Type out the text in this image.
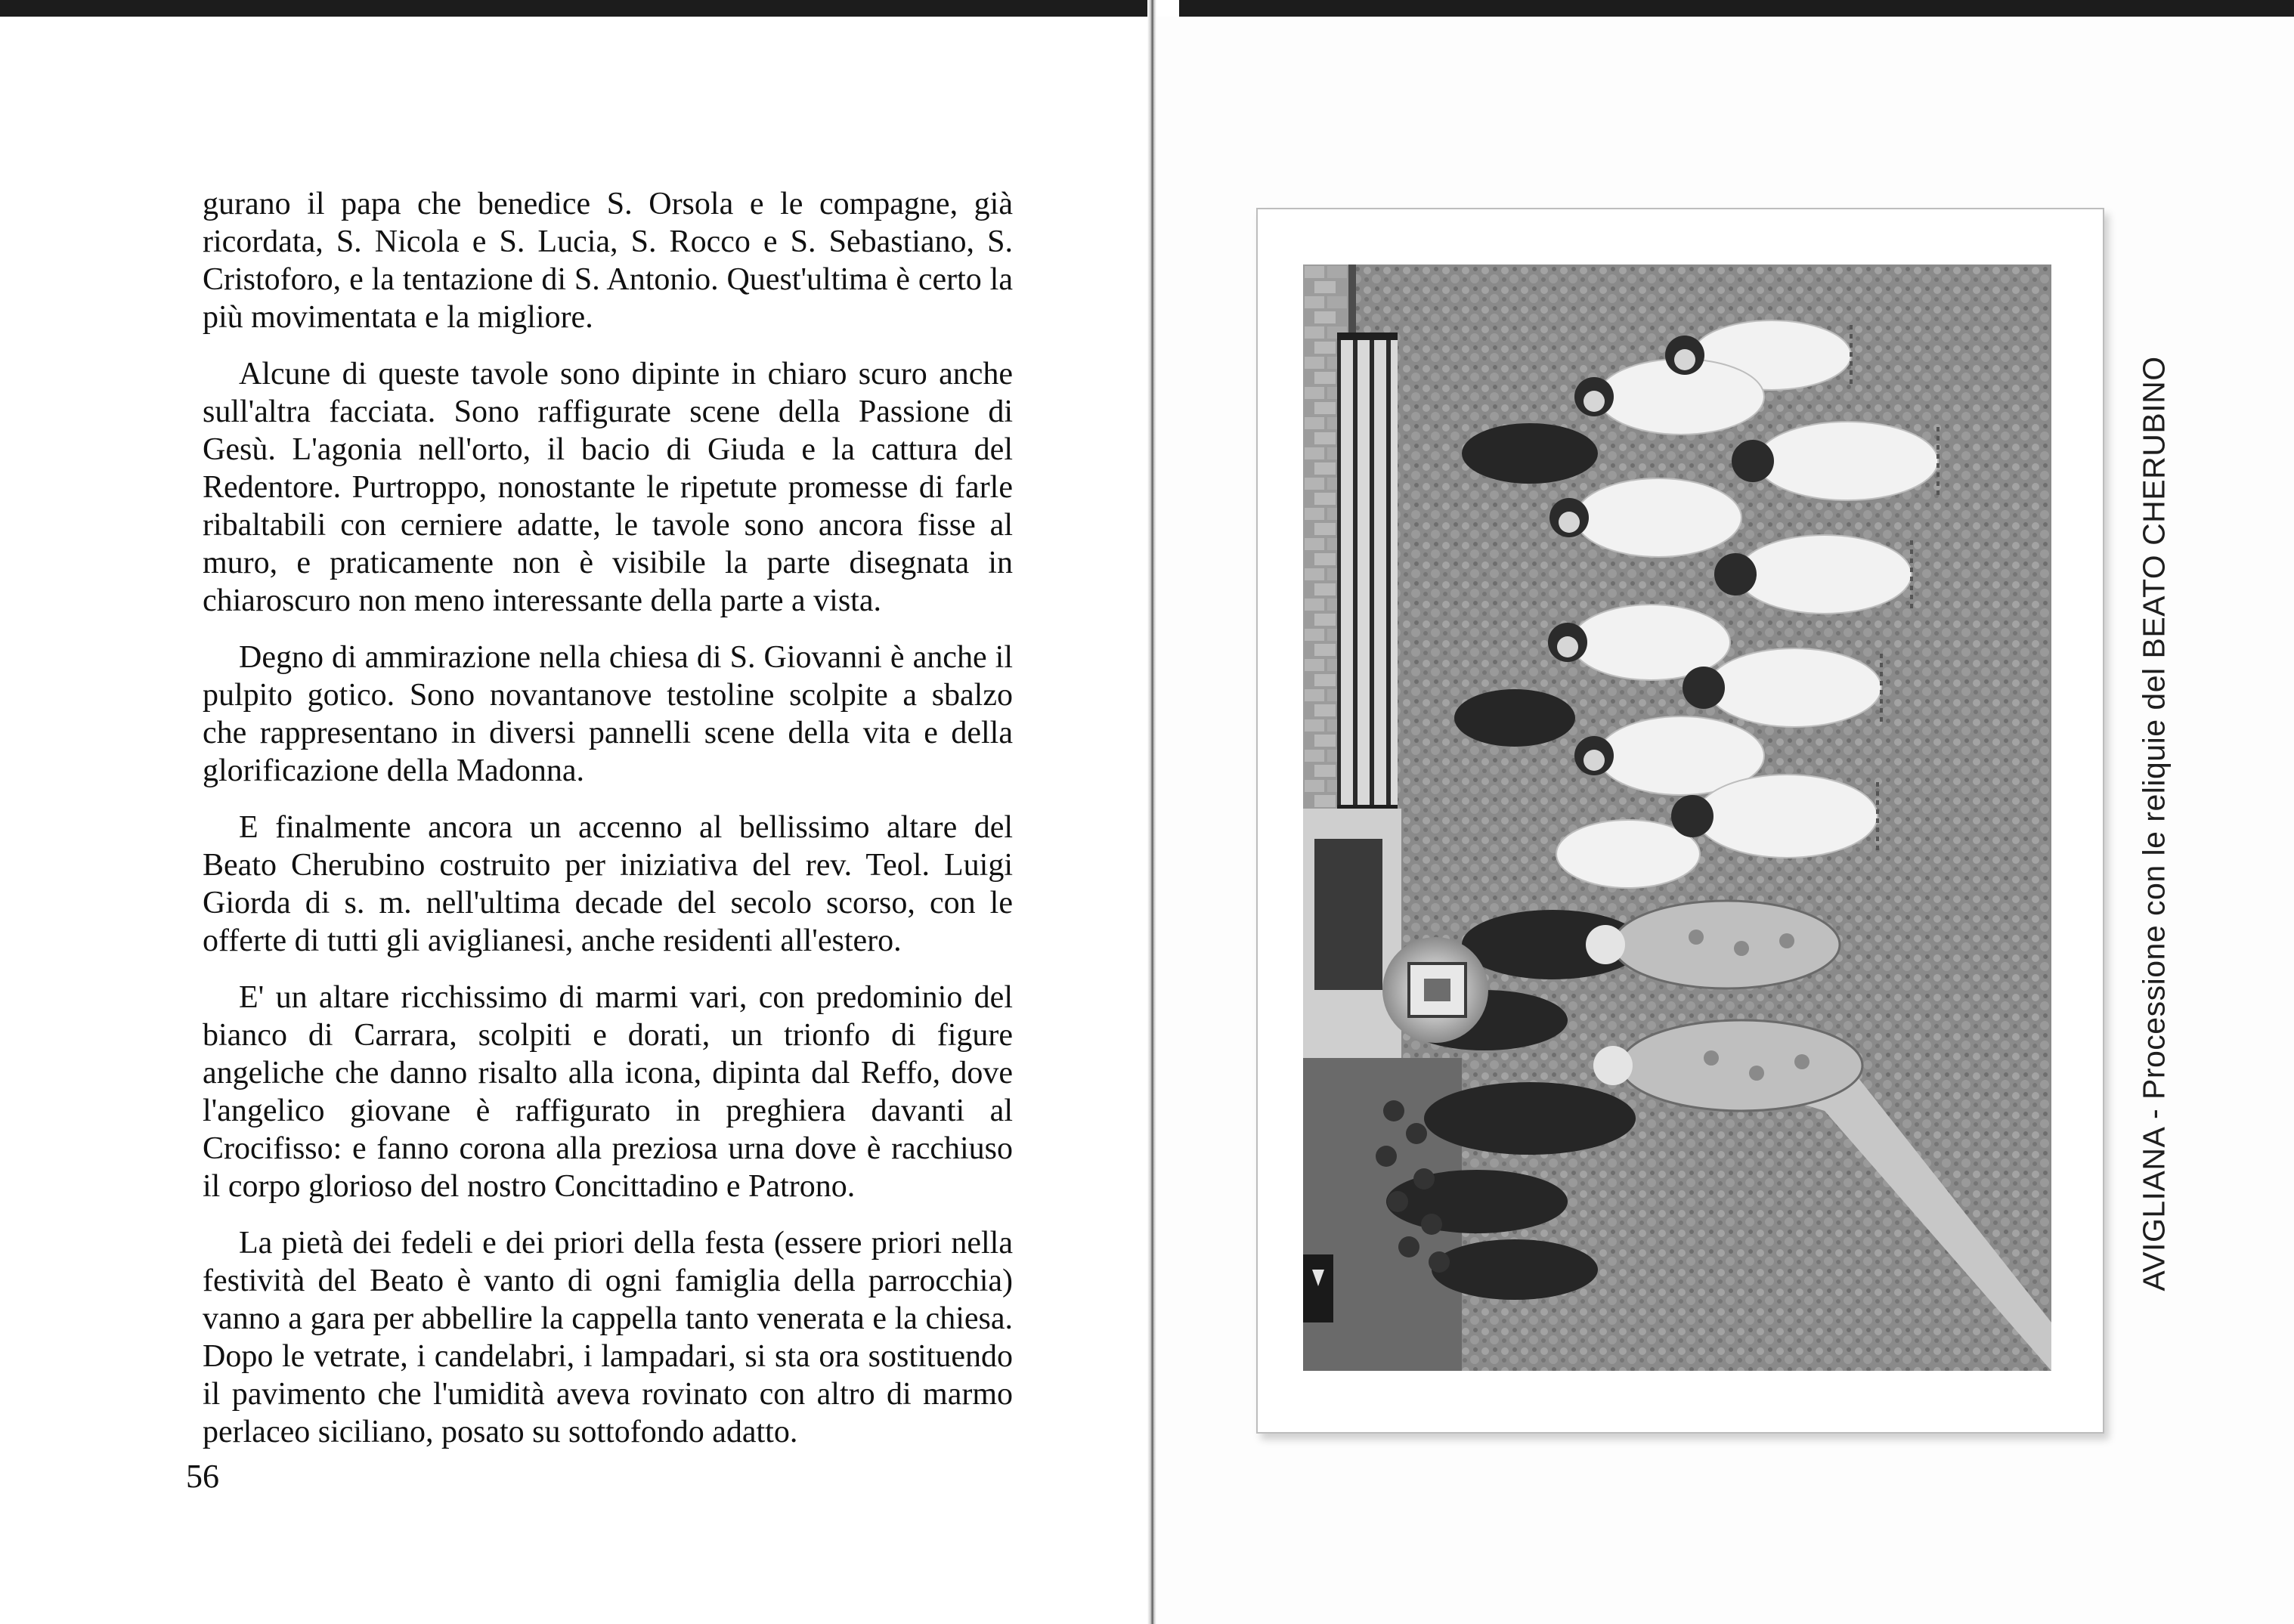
gurano il papa che benedice S. Orsola e le compagne, già ricordata, S. Nicola e S. Lucia, S. Rocco e S. Sebastiano, S. Cristoforo, e la tentazione di S. Antonio. Quest'ultima è certo la più movimentata e la migliore.

Alcune di queste tavole sono dipinte in chiaro scuro anche sull'altra facciata. Sono raffigurate scene della Passione di Gesù. L'agonia nell'orto, il bacio di Giuda e la cattura del Redentore. Purtroppo, nonostante le ripetute promesse di farle ribaltabili con cerniere adatte, le tavole sono ancora fisse al muro, e praticamente non è visibile la parte disegnata in chiaroscuro non meno interessante della parte a vista.

Degno di ammirazione nella chiesa di S. Giovanni è anche il pulpito gotico. Sono novantanove testoline scolpite a sbalzo che rappresentano in diversi pannelli scene della vita e della glorificazione della Madonna.

E finalmente ancora un accenno al bellissimo altare del Beato Cherubino costruito per iniziativa del rev. Teol. Luigi Giorda di s. m. nell'ultima decade del secolo scorso, con le offerte di tutti gli aviglianesi, anche residenti all'estero.

E' un altare ricchissimo di marmi vari, con predominio del bianco di Carrara, scolpiti e dorati, un trionfo di figure angeliche che danno risalto alla icona, dipinta dal Reffo, dove l'angelico giovane è raffigurato in preghiera davanti al Crocifisso: e fanno corona alla preziosa urna dove è racchiuso il corpo glorioso del nostro Concittadino e Patrono.

La pietà dei fedeli e dei priori della festa (essere priori nella festività del Beato è vanto di ogni famiglia della parrocchia) vanno a gara per abbellire la cappella tanto venerata e la chiesa. Dopo le vetrate, i candelabri, i lampadari, si sta ora sostituendo il pavimento che l'umidità aveva rovinato con altro di marmo perlaceo siciliano, posato su sottofondo adatto.

56
AVIGLIANA - Processione con le reliquie del BEATO CHERUBINO
